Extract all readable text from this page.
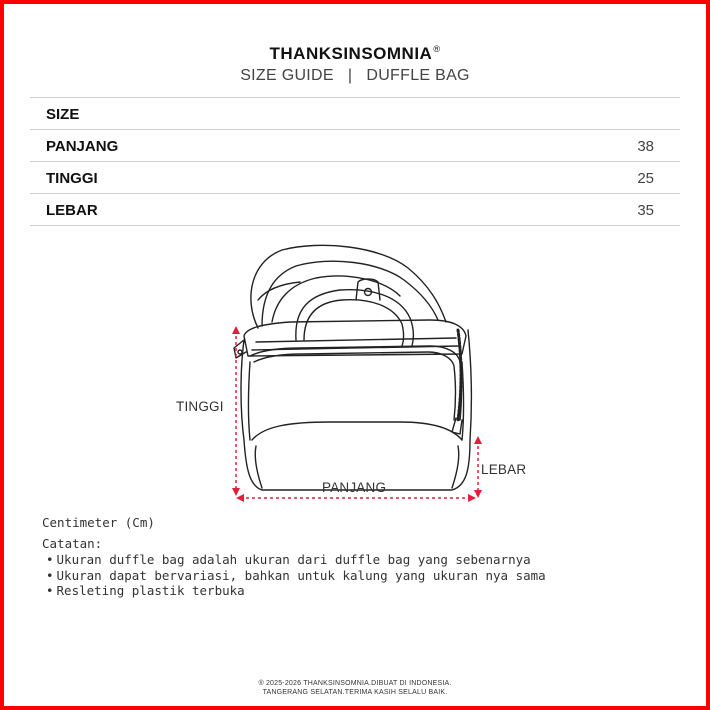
THANKSINSOMNIA®
SIZE GUIDE | DUFFLE BAG
SIZE
PANJANG	38
TINGGI	25
LEBAR	35
TINGGI
PANJANG
LEBAR
Centimeter (Cm)
Catatan:
• Ukuran duffle bag adalah ukuran dari duffle bag yang sebenarnya
• Ukuran dapat bervariasi, bahkan untuk kalung yang ukuran nya sama
• Resleting plastik terbuka
® 2025-2026 THANKSINSOMNIA.DIBUAT DI INDONESIA.
TANGERANG SELATAN.TERIMA KASIH SELALU BAIK.
